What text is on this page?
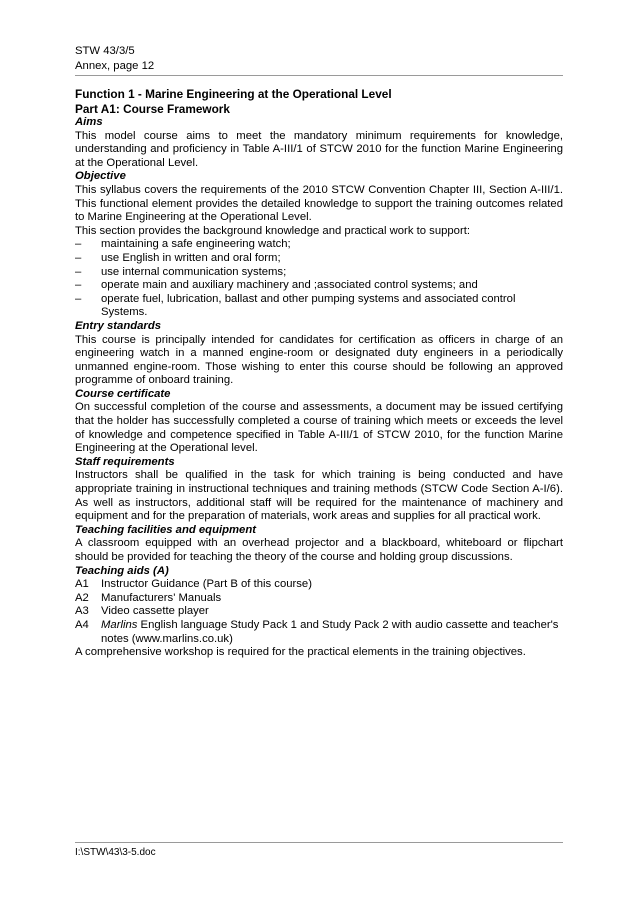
STW 43/3/5
Annex, page 12

Function 1 - Marine Engineering at the Operational Level

Part A1: Course Framework

Aims

This model course aims to meet the mandatory minimum requirements for knowledge, understanding and proficiency in Table A-III/1 of STCW 2010 for the function Marine Engineering at the Operational Level.

Objective

This syllabus covers the requirements of the 2010 STCW Convention Chapter III, Section A-III/1. This functional element provides the detailed knowledge to support the training outcomes related to Marine Engineering at the Operational Level.

This section provides the background knowledge and practical work to support:

–	maintaining a safe engineering watch;
–	use English in written and oral form;
–	use internal communication systems;
–	operate main and auxiliary machinery and ;associated control systems; and
–	operate fuel, lubrication, ballast and other pumping systems and associated control Systems.

Entry standards

This course is principally intended for candidates for certification as officers in charge of an engineering watch in a manned engine-room or designated duty engineers in a periodically unmanned engine-room. Those wishing to enter this course should be following an approved programme of onboard training.

Course certificate

On successful completion of the course and assessments, a document may be issued certifying that the holder has successfully completed a course of training which meets or exceeds the level of knowledge and competence specified in Table A-III/1 of STCW 2010, for the function Marine Engineering at the Operational level.

Staff requirements

Instructors shall be qualified in the task for which training is being conducted and have appropriate training in instructional techniques and training methods (STCW Code Section A-I/6). As well as instructors, additional staff will be required for the maintenance of machinery and equipment and for the preparation of materials, work areas and supplies for all practical work.

Teaching facilities and equipment

A classroom equipped with an overhead projector and a blackboard, whiteboard or flipchart should be provided for teaching the theory of the course and holding group discussions.

Teaching aids (A)

A1 Instructor Guidance (Part B of this course)
A2 Manufacturers' Manuals
A3 Video cassette player
A4 Marlins English language Study Pack 1 and Study Pack 2 with audio cassette and teacher's notes (www.marlins.co.uk)

A comprehensive workshop is required for the practical elements in the training objectives.

I:\STW\43\3-5.doc
